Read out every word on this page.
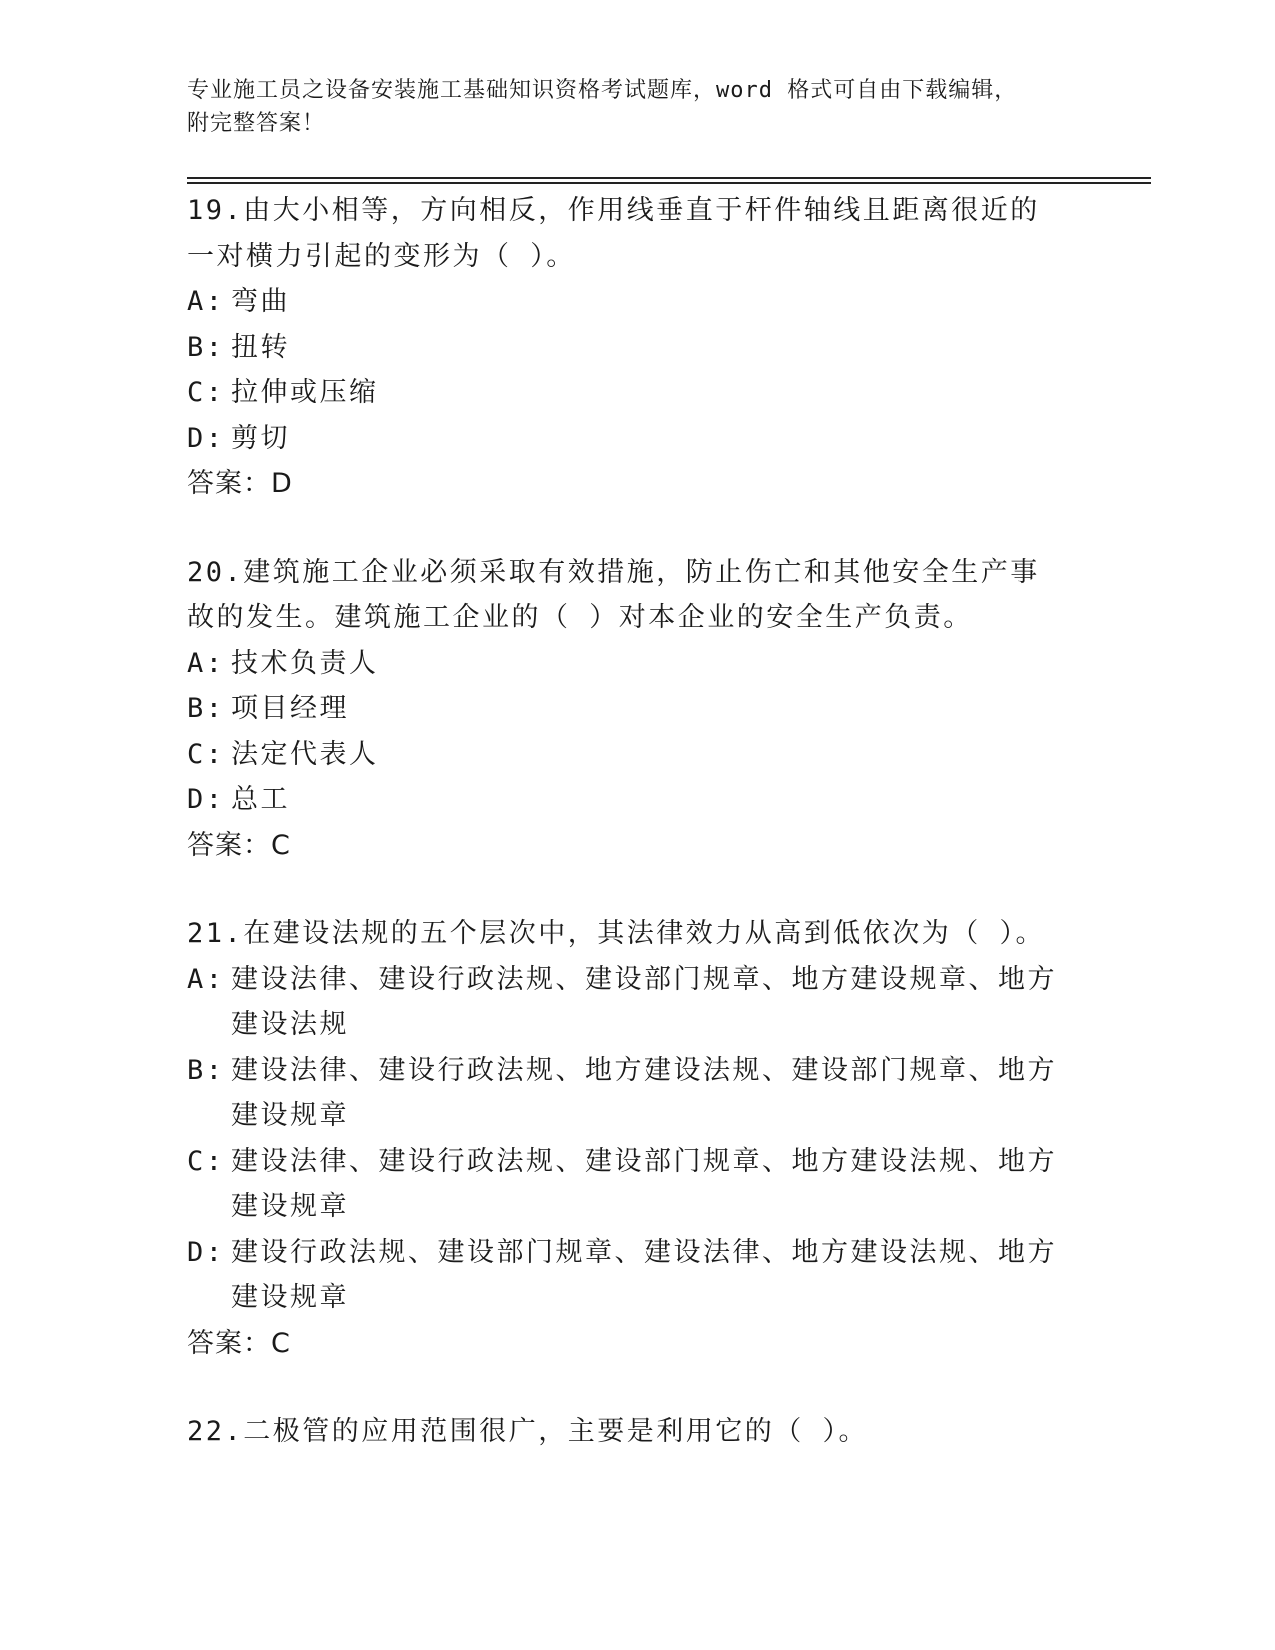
专业施工员之设备安装施工基础知识资格考试题库，word 格式可自由下载编辑，
附完整答案！
19.由大小相等，方向相反，作用线垂直于杆件轴线且距离很近的一对横力引起的变形为（ ）。
A: 弯曲
B: 扭转
C: 拉伸或压缩
D: 剪切
答案：D
20.建筑施工企业必须采取有效措施，防止伤亡和其他安全生产事故的发生。建筑施工企业的（ ）对本企业的安全生产负责。
A: 技术负责人
B: 项目经理
C: 法定代表人
D: 总工
答案：C
21.在建设法规的五个层次中，其法律效力从高到低依次为（ ）。
A: 建设法律、建设行政法规、建设部门规章、地方建设规章、地方建设法规
B: 建设法律、建设行政法规、地方建设法规、建设部门规章、地方建设规章
C: 建设法律、建设行政法规、建设部门规章、地方建设法规、地方建设规章
D: 建设行政法规、建设部门规章、建设法律、地方建设法规、地方建设规章
答案：C
22.二极管的应用范围很广，主要是利用它的（ ）。
